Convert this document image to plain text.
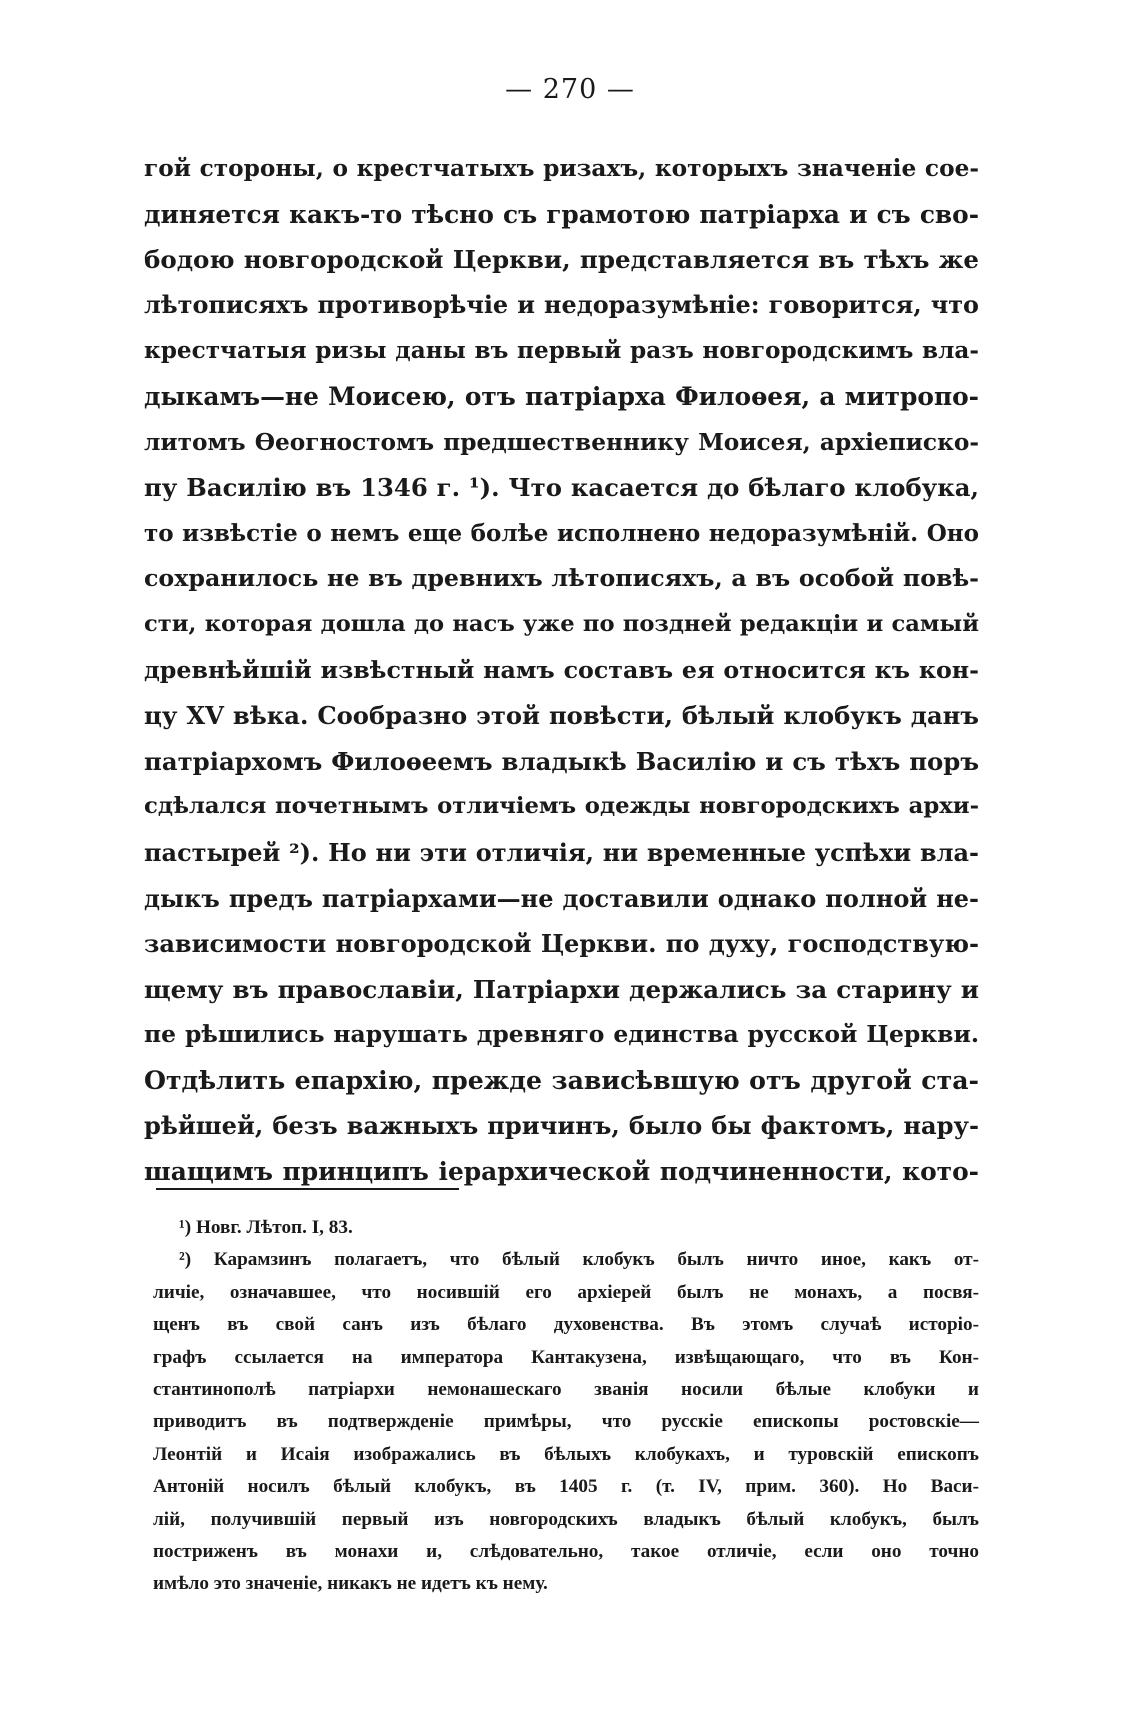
— 270 —
гой стороны, о крестчатыхъ ризахъ, которыхъ значенiе сое-
диняется какъ-то тѣсно съ грамотою патрiарха и съ сво-
бодою новгородской Церкви, представляется въ тѣхъ же
лѣтописяхъ противорѣчiе и недоразумѣнiе: говорится, что
крестчатыя ризы даны въ первый разъ новгородскимъ вла-
дыкамъ—не Моисею, отъ патрiарха Филоѳея, а митропо-
литомъ Ѳеогностомъ предшественнику Моисея, архiеписко-
пу Василiю въ 1346 г. ¹). Что касается до бѣлаго клобука,
то извѣстiе о немъ еще болѣе исполнено недоразумѣнiй. Оно
сохранилось не въ древнихъ лѣтописяхъ, а въ особой повѣ-
сти, которая дошла до насъ уже по поздней редакцiи и самый
древнѣйшiй извѣстный намъ составъ ея относится къ кон-
цу XV вѣка. Сообразно этой повѣсти, бѣлый клобукъ данъ
патрiархомъ Филоѳеемъ владыкѣ Василiю и съ тѣхъ поръ
сдѣлался почетнымъ отличiемъ одежды новгородскихъ архи-
пастырей ²). Но ни эти отличiя, ни временные успѣхи вла-
дыкъ предъ патрiархами—не доставили однако полной не-
зависимости новгородской Церкви. по духу, господствую-
щему въ православiи, Патрiархи держались за старину и
пе рѣшились нарушать древняго единства русской Церкви.
Отдѣлить епархiю, прежде зависѣвшую отъ другой ста-
рѣйшей, безъ важныхъ причинъ, было бы фактомъ, нару-
шащимъ принципъ iерархической подчиненности, кото-
¹) Новг. Лѣтоп. I, 83.
²) Карамзинъ полагаетъ, что бѣлый клобукъ былъ ничто иное, какъ от-
личiе, означавшее, что носившiй его архiерей былъ не монахъ, а посвя-
щенъ въ свой санъ изъ бѣлаго духовенства. Въ этомъ случаѣ исторiо-
графъ ссылается на императора Кантакузена, извѣщающаго, что въ Кон-
стантинополѣ патрiархи немонашескаго званiя носили бѣлые клобуки и
приводитъ въ подтвержденiе примѣры, что русскiе епископы ростовскiе—
Леонтiй и Исаiя изображались въ бѣлыхъ клобукахъ, и туровскiй епископъ
Антонiй носилъ бѣлый клобукъ, въ 1405 г. (т. IV, прим. 360). Но Васи-
лiй, получившiй первый изъ новгородскихъ владыкъ бѣлый клобукъ, былъ
постриженъ въ монахи и, слѣдовательно, такое отличiе, если оно точно
имѣло это значенiе, никакъ не идетъ къ нему.
